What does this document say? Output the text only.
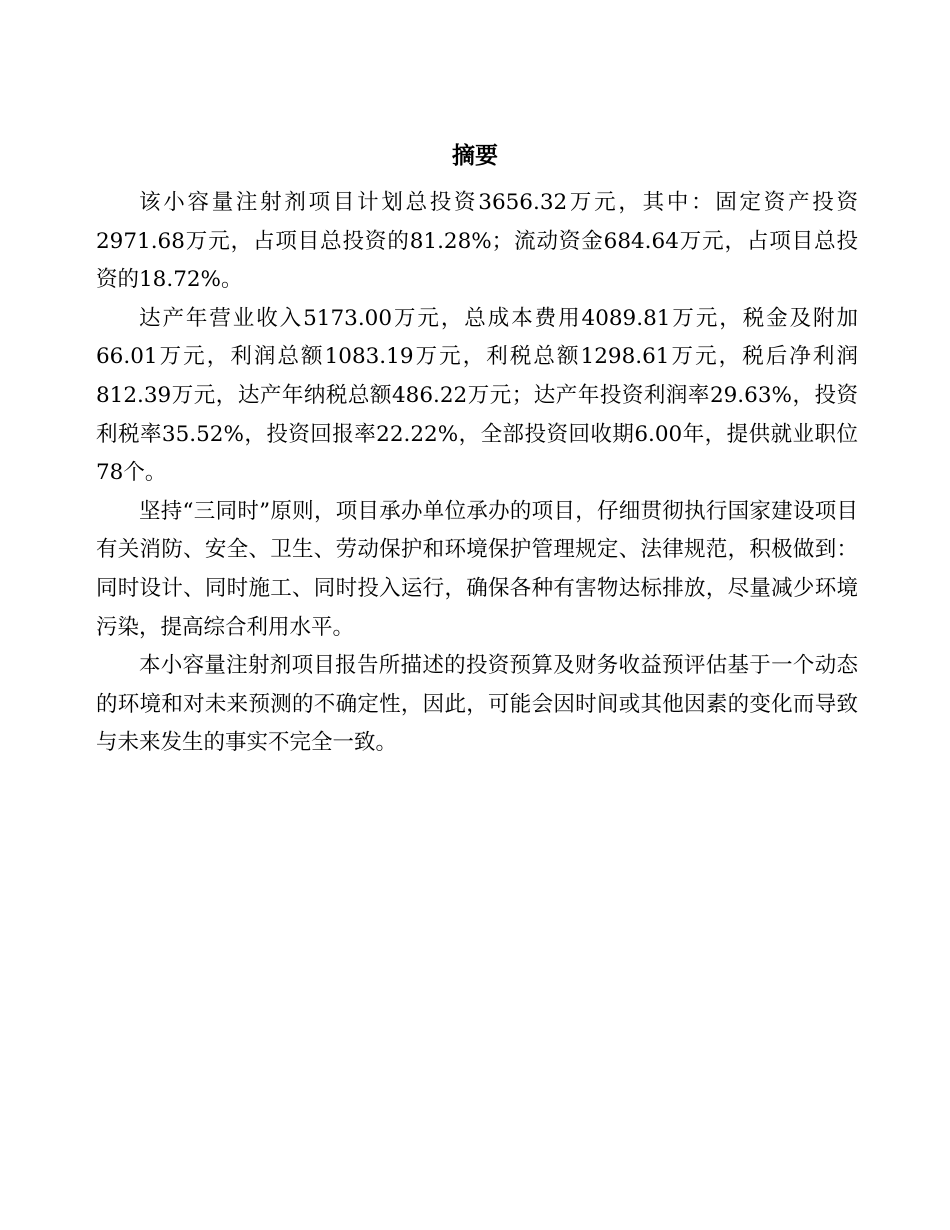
摘要

该小容量注射剂项目计划总投资3656.32万元，其中：固定资产投资2971.68万元，占项目总投资的81.28%；流动资金684.64万元，占项目总投资的18.72%。

达产年营业收入5173.00万元，总成本费用4089.81万元，税金及附加66.01万元，利润总额1083.19万元，利税总额1298.61万元，税后净利润812.39万元，达产年纳税总额486.22万元；达产年投资利润率29.63%，投资利税率35.52%，投资回报率22.22%，全部投资回收期6.00年，提供就业职位78个。

坚持“三同时”原则，项目承办单位承办的项目，仔细贯彻执行国家建设项目有关消防、安全、卫生、劳动保护和环境保护管理规定、法律规范，积极做到：同时设计、同时施工、同时投入运行，确保各种有害物达标排放，尽量减少环境污染，提高综合利用水平。

本小容量注射剂项目报告所描述的投资预算及财务收益预评估基于一个动态的环境和对未来预测的不确定性，因此，可能会因时间或其他因素的变化而导致与未来发生的事实不完全一致。
